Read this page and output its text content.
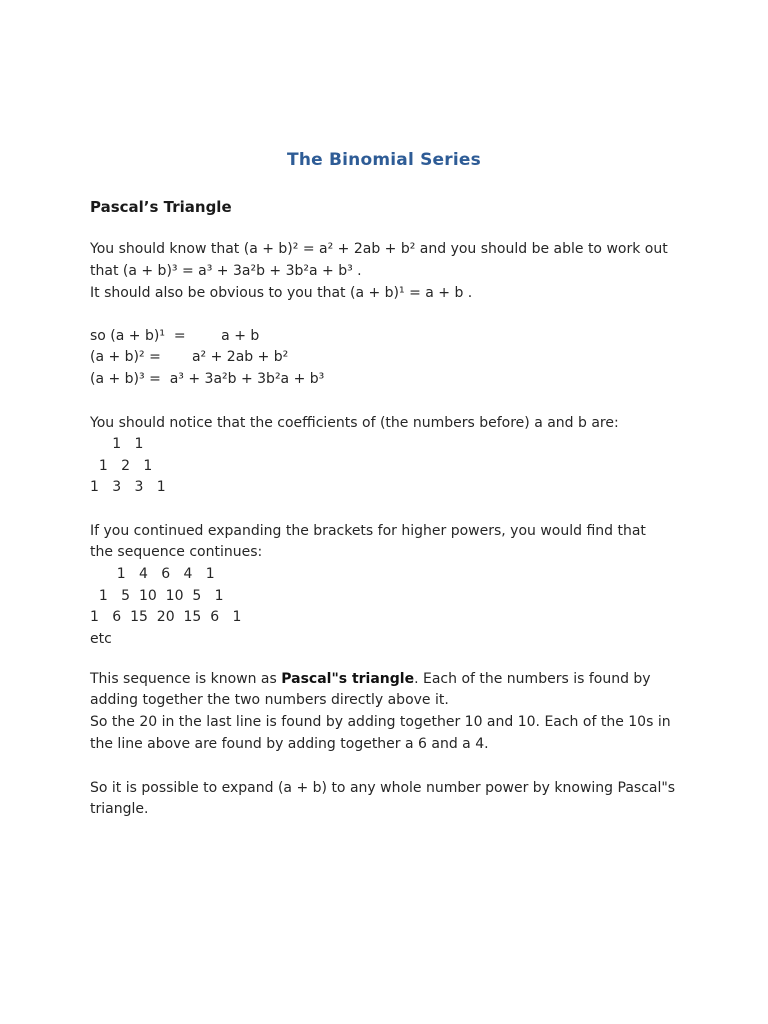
The Binomial Series
Pascal’s Triangle
You should know that (a + b)² = a² + 2ab + b² and you should be able to work out
that (a + b)³ = a³ + 3a²b + 3b²a + b³ .
It should also be obvious to you that (a + b)¹ = a + b .
so (a + b)¹  =        a + b
(a + b)² =       a² + 2ab + b²
(a + b)³ =  a³ + 3a²b + 3b²a + b³
You should notice that the coefficients of (the numbers before) a and b are:
1   1
1   2   1
1   3   3   1
If you continued expanding the brackets for higher powers, you would find that
the sequence continues:
1   4   6   4   1
1   5  10  10  5   1
1   6  15  20  15  6   1
etc
This sequence is known as Pascal"s triangle. Each of the numbers is found by
adding together the two numbers directly above it.
So the 20 in the last line is found by adding together 10 and 10. Each of the 10s in
the line above are found by adding together a 6 and a 4.
So it is possible to expand (a + b) to any whole number power by knowing Pascal"s
triangle.
